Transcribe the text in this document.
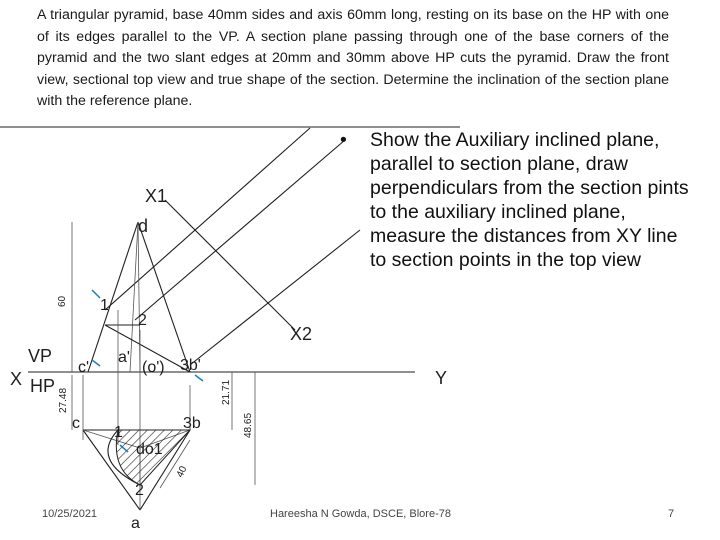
A triangular pyramid, base 40mm sides and axis 60mm long, resting on its base on the HP with one of its edges parallel to the VP. A section plane passing through one of the base corners of the pyramid and the two slant edges at 20mm and 30mm above HP cuts the pyramid. Draw the front view, sectional top view and true shape of the section. Determine the inclination of the section plane with the reference plane.

• Show the Auxiliary inclined plane, parallel to section plane, draw perpendiculars from the section pints to the auxiliary inclined plane, measure the distances from XY line to section points in the top view
X1
d
1
2
X2
VP
X HP
c'
a'
(o') 3b'
Y
c
1
3b
do1
2
a
60
27.48	21.71
48.65
40
10/25/2021	Hareesha N Gowda, DSCE, Blore-78	7
